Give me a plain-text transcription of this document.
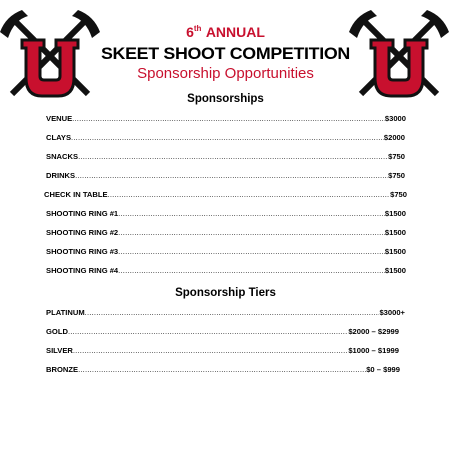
U	U
6th ANNUAL
SKEET SHOOT COMPETITION
Sponsorship Opportunities
Sponsorships
VENUE .....	$3000
CLAYS .....	$2000
SNACKS .....	$750
DRINKS .....	$750
CHECK IN TABLE .....	$750
SHOOTING RING #1 .....	$1500
SHOOTING RING #2 .....	$1500
SHOOTING RING #3 .....	$1500
SHOOTING RING #4 .....	$1500
Sponsorship Tiers
PLATINUM .....	$3000+
GOLD .....	$2000 – $2999
SILVER .....	$1000 – $1999
BRONZE .....	$0 – $999
